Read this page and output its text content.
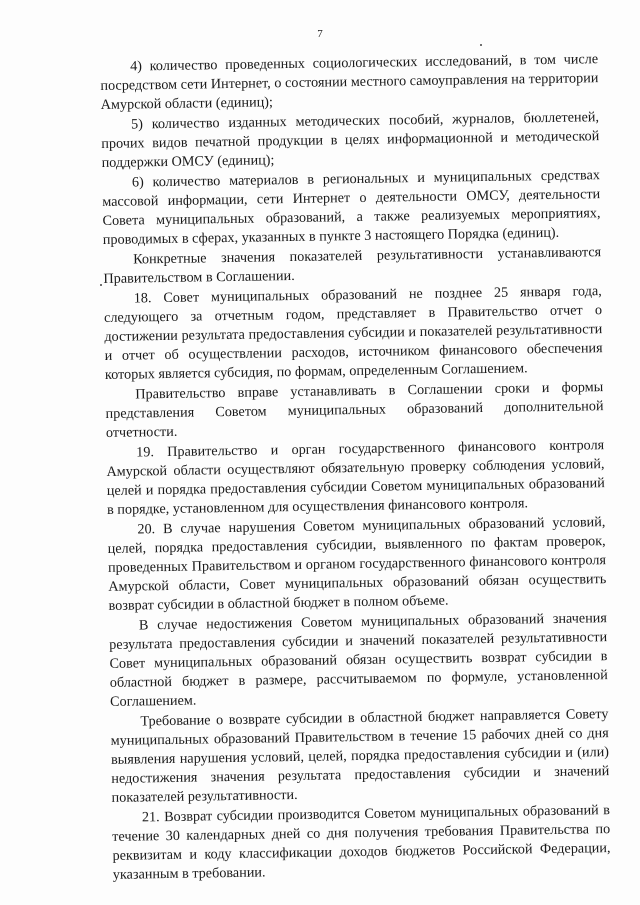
7

4) количество проведенных социологических исследований, в том числе посредством сети Интернет, о состоянии местного самоуправления на территории Амурской области (единиц);

5) количество изданных методических пособий, журналов, бюллетеней, прочих видов печатной продукции в целях информационной и методической поддержки ОМСУ (единиц);

6) количество материалов в региональных и муниципальных средствах массовой информации, сети Интернет о деятельности ОМСУ, деятельности Совета муниципальных образований, а также реализуемых мероприятиях, проводимых в сферах, указанных в пункте 3 настоящего Порядка (единиц).

Конкретные значения показателей результативности устанавливаются Правительством в Соглашении.

18. Совет муниципальных образований не позднее 25 января года, следующего за отчетным годом, представляет в Правительство отчет о достижении результата предоставления субсидии и показателей результативности и отчет об осуществлении расходов, источником финансового обеспечения которых является субсидия, по формам, определенным Соглашением.

Правительство вправе устанавливать в Соглашении сроки и формы представления Советом муниципальных образований дополнительной отчетности.

19. Правительство и орган государственного финансового контроля Амурской области осуществляют обязательную проверку соблюдения условий, целей и порядка предоставления субсидии Советом муниципальных образований в порядке, установленном для осуществления финансового контроля.

20. В случае нарушения Советом муниципальных образований условий, целей, порядка предоставления субсидии, выявленного по фактам проверок, проведенных Правительством и органом государственного финансового контроля Амурской области, Совет муниципальных образований обязан осуществить возврат субсидии в областной бюджет в полном объеме.

В случае недостижения Советом муниципальных образований значения результата предоставления субсидии и значений показателей результативности Совет муниципальных образований обязан осуществить возврат субсидии в областной бюджет в размере, рассчитываемом по формуле, установленной Соглашением.

Требование о возврате субсидии в областной бюджет направляется Совету муниципальных образований Правительством в течение 15 рабочих дней со дня выявления нарушения условий, целей, порядка предоставления субсидии и (или) недостижения значения результата предоставления субсидии и значений показателей результативности.

21. Возврат субсидии производится Советом муниципальных образований в течение 30 календарных дней со дня получения требования Правительства по реквизитам и коду классификации доходов бюджетов Российской Федерации, указанным в требовании.
